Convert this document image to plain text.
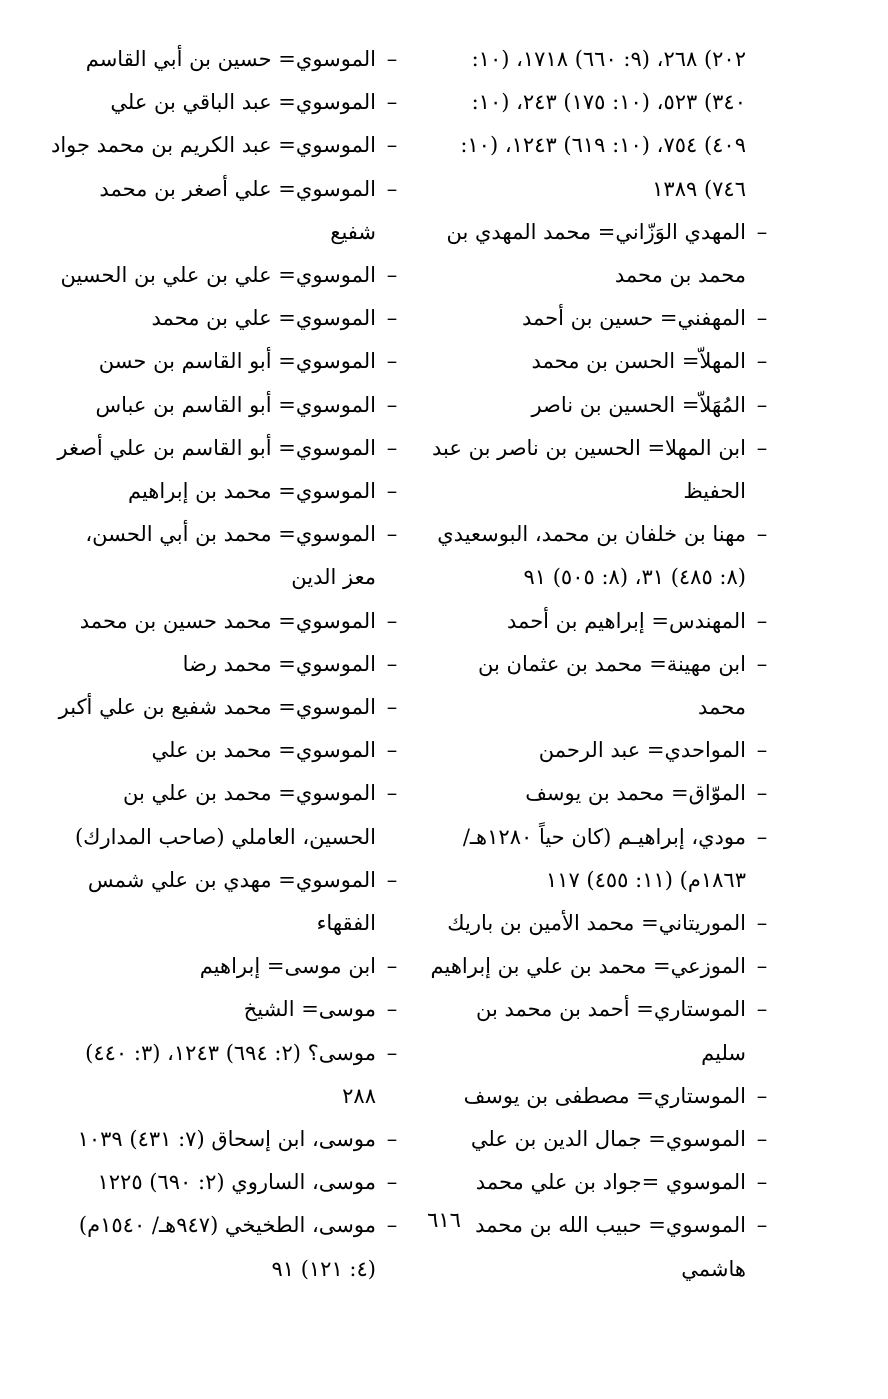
٢٠٢) ٢٦٨، (٩: ٦٦٠) ١٧١٨، (١٠:
٣٤٠) ٥٢٣، (١٠: ١٧٥) ٢٤٣، (١٠:
٤٠٩) ٧٥٤، (١٠: ٦١٩) ١٢٤٣، (١٠:
٧٤٦) ١٣٨٩
–
المهدي الوَزّاني= محمد المهدي بن محمد بن محمد
–
المهفني= حسين بن أحمد
–
المهلاّ= الحسن بن محمد
–
المُهَلاّ= الحسين بن ناصر
–
ابن المهلا= الحسين بن ناصر بن عبد الحفيظ
–
مهنا بن خلفان بن محمد، البوسعيدي (٨: ٤٨٥) ٣١، (٨: ٥٠٥) ٩١
–
المهندس= إبراهيم بن أحمد
–
ابن مهينة= محمد بن عثمان بن محمد
–
المواحدي= عبد الرحمن
–
الموّاق= محمد بن يوسف
–
مودي، إبراهيـم (كان حياً ١٢٨٠هـ/ ١٨٦٣م) (١١: ٤٥٥) ١١٧
–
الموريتاني= محمد الأمين بن باريك
–
الموزعي= محمد بن علي بن إبراهيم
–
الموستاري= أحمد بن محمد بن سليم
–
الموستاري= مصطفى بن يوسف
–
الموسوي= جمال الدين بن علي
–
الموسوي =جواد بن علي محمد
–
الموسوي= حبيب الله بن محمد هاشمي
–
الموسوي= حسين بن أبي القاسم
–
الموسوي= عبد الباقي بن علي
–
الموسوي= عبد الكريم بن محمد جواد
–
الموسوي= علي أصغر بن محمد شفيع
–
الموسوي= علي بن علي بن الحسين
–
الموسوي= علي بن محمد
–
الموسوي= أبو القاسم بن حسن
–
الموسوي= أبو القاسم بن عباس
–
الموسوي= أبو القاسم بن علي أصغر
–
الموسوي= محمد بن إبراهيم
–
الموسوي= محمد بن أبي الحسن، معز الدين
–
الموسوي= محمد حسين بن محمد
–
الموسوي= محمد رضا
–
الموسوي= محمد شفيع بن علي أكبر
–
الموسوي= محمد بن علي
–
الموسوي= محمد بن علي بن الحسين، العاملي (صاحب المدارك)
–
الموسوي= مهدي بن علي شمس الفقهاء
–
ابن موسى= إبراهيم
–
موسى= الشيخ
–
موسى؟ (٢: ٦٩٤) ١٢٤٣، (٣: ٤٤٠) ٢٨٨
–
موسى، ابن إسحاق (٧: ٤٣١) ١٠٣٩
–
موسى، الساروي (٢: ٦٩٠) ١٢٢٥
–
موسى، الطخيخي (٩٤٧هـ/ ١٥٤٠م) (٤: ١٢١) ٩١
٦١٦
